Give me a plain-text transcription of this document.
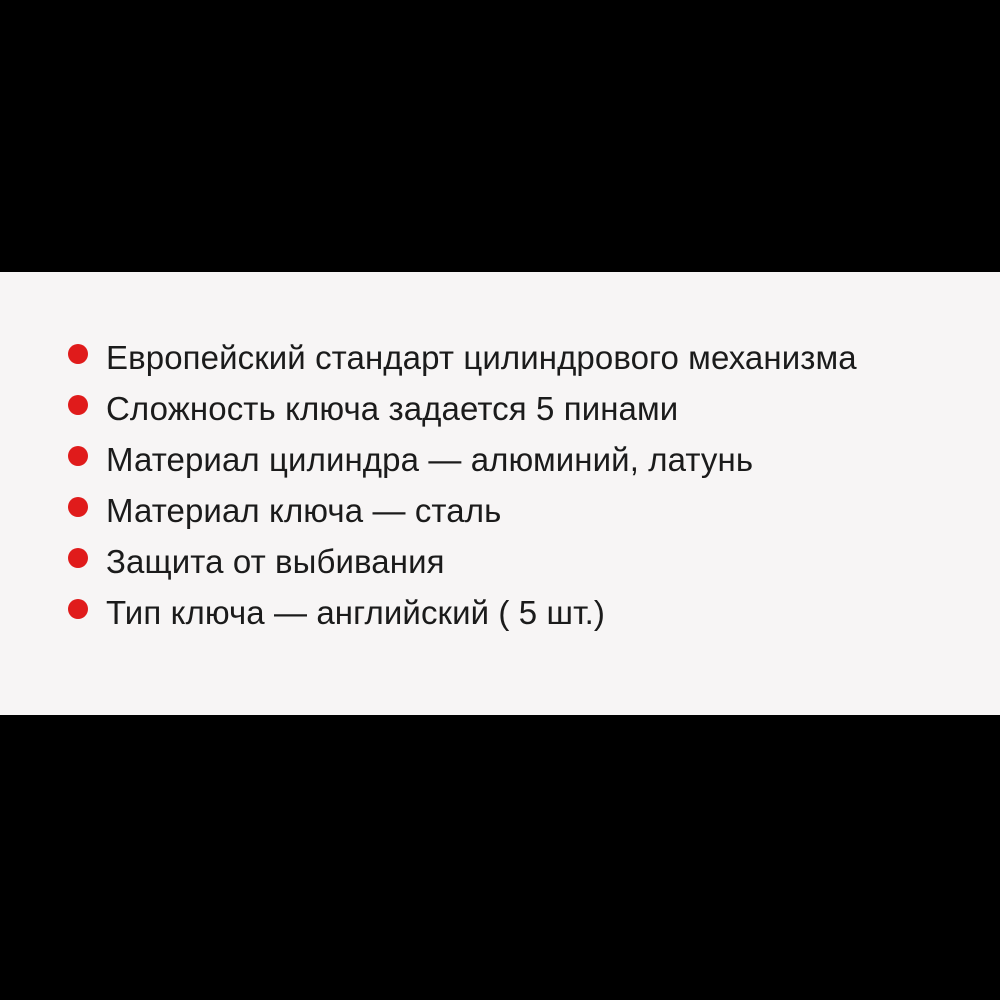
Европейский стандарт цилиндрового механизма
Сложность ключа задается 5 пинами
Материал цилиндра — алюминий, латунь
Материал ключа — сталь
Защита от выбивания
Тип ключа — английский ( 5 шт.)
